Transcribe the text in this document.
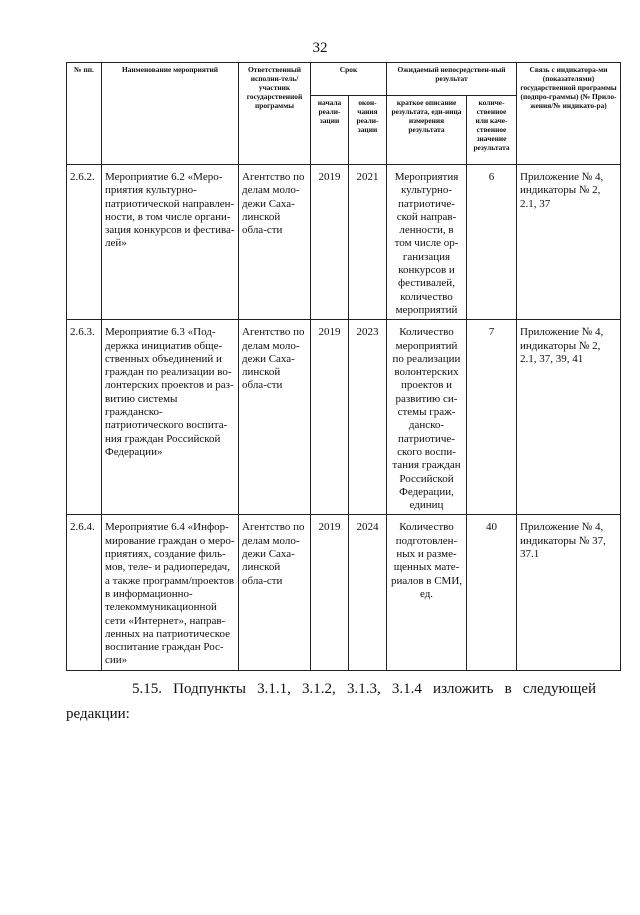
32
№ пп.	Наименование мероприятий	Ответственный исполни-тель/участник государственной программы	Срок		Ожидаемый непосредствен-ный результат		Связь с индикатора-ми (показателями) государственной программы (подпро-граммы) (№ Прило-жения/№ индикато-ра)
			начала реали-зации	окон-чания реали-зации	краткое описание результата, еди-ница измерения результата	количе-ственное или каче-ственное значение результата	
2.6.2.	Мероприятие 6.2 «Меро-приятия культурно-патриотической направлен-ности, в том числе органи-зация конкурсов и фестива-лей»	Агентство по делам моло-дежи Саха-линской обла-сти	2019	2021	Мероприятия культурно-патриотиче-ской направ-ленности, в том числе ор-ганизация конкурсов и фестивалей, количество мероприятий	6	Приложение № 4, индикаторы № 2, 2.1, 37
2.6.3.	Мероприятие 6.3 «Под-держка инициатив обще-ственных объединений и граждан по реализации во-лонтерских проектов и раз-витию системы гражданско-патриотического воспита-ния граждан Российской Федерации»	Агентство по делам моло-дежи Саха-линской обла-сти	2019	2023	Количество мероприятий по реализации волонтерских проектов и развитию си-стемы граж-данско-патриотиче-ского воспи-тания граждан Российской Федерации, единиц	7	Приложение № 4, индикаторы № 2, 2.1, 37, 39, 41
2.6.4.	Мероприятие 6.4 «Инфор-мирование граждан о меро-приятиях, создание филь-мов, теле- и радиопередач, а также программ/проектов в информационно-телекоммуникационной сети «Интернет», направ-ленных на патриотическое воспитание граждан Рос-сии»	Агентство по делам моло-дежи Саха-линской обла-сти	2019	2024	Количество подготовлен-ных и разме-щенных мате-риалов в СМИ, ед.	40	Приложение № 4, индикаторы № 37, 37.1
5.15. Подпункты 3.1.1, 3.1.2, 3.1.3, 3.1.4 изложить в следующей
редакции:
